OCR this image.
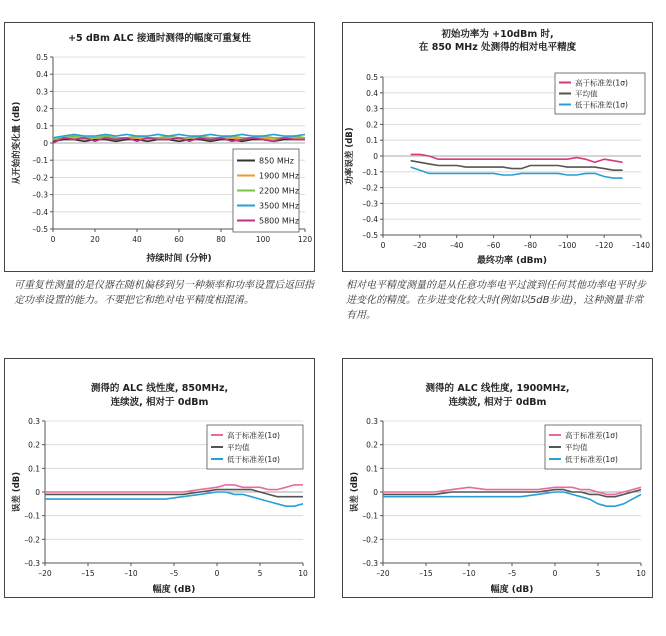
+5 dBm ALC 接通时测得的幅度可重复性
0.5
0.4
0.3
0.2
0.1
0
–0.1
–0.2
–0.3
–0.4
–0.5
0	20	40	60	80	100	120
持续时间 (分钟)
从开始的变化量 (dB)	850 MHz
1900 MHz
2200 MHz
3500 MHz
5800 MHz

可重复性测量的是仪器在随机偏移到另一种频率和功率设置后返回指定功率设置的能力。不要把它和绝对电平精度相混淆。

初始功率为 +10dBm 时,
在 850 MHz 处测得的相对电平精度
0.5
0.4
0.3
0.2
0.1
0
–0.1
–0.2
–0.3
–0.4
–0.5
0	–20	–40	–60	–80	–100	–120	–140
最终功率 (dBm)
功率误差 (dB)
高于标准差(1σ)
平均值
低于标准差(1σ)

相对电平精度测量的是从任意功率电平过渡到任何其他功率电平时步进变化的精度。在步进变化较大时(例如以5dB步进)，这种测量非常有用。

测得的 ALC 线性度, 850MHz,
连续波, 相对于 0dBm
0.3
0.2
0.1
0
–0.1
–0.2
–0.3
–20	–15	–10	–5	0	5	10
幅度 (dB)
误差 (dB)
高于标准差(1σ)
平均值
低于标准差(1σ)
测得的 ALC 线性度, 1900MHz,
连续波, 相对于 0dBm
0.3
0.2
0.1
0
–0.1
–0.2
–0.3
–20	–15	–10	–5	0	5	10
幅度 (dB)
误差 (dB)
高于标准差(1σ)
平均值
低于标准差(1σ)
